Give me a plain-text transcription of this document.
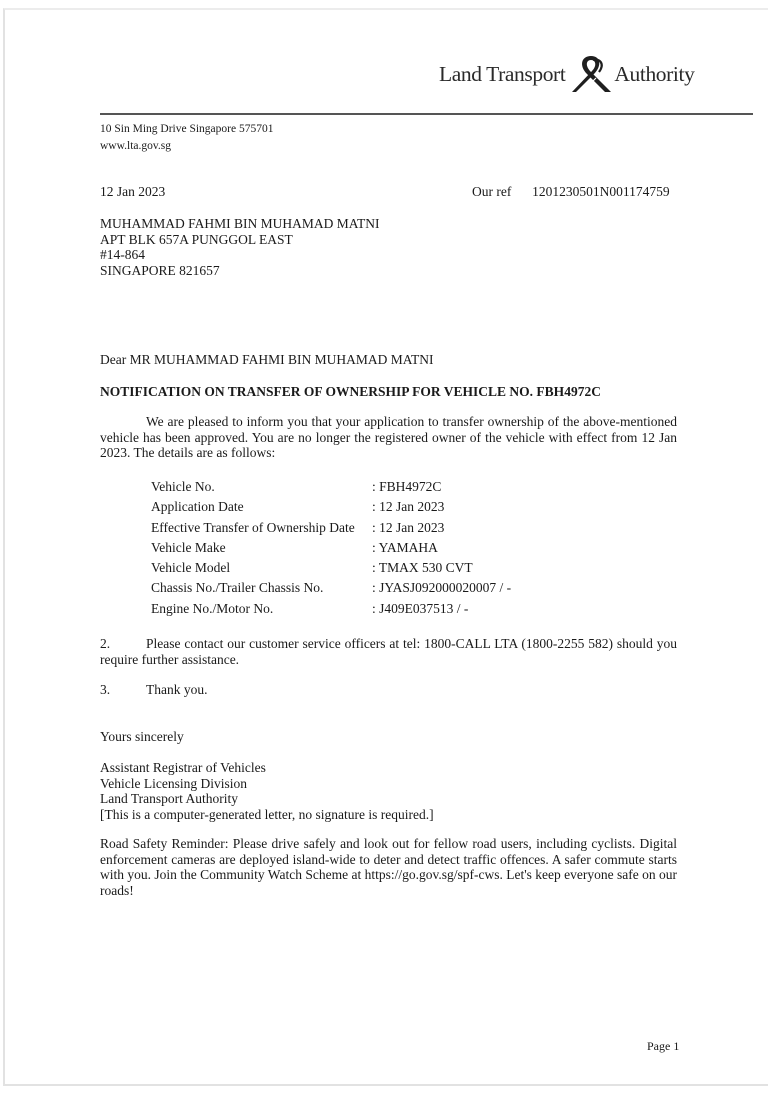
Land Transport Authority
10 Sin Ming Drive Singapore 575701
www.lta.gov.sg
12 Jan 2023	Our ref 1201230501N001174759
MUHAMMAD FAHMI BIN MUHAMAD MATNI
APT BLK 657A PUNGGOL EAST
#14-864
SINGAPORE 821657
Dear MR MUHAMMAD FAHMI BIN MUHAMAD MATNI
NOTIFICATION ON TRANSFER OF OWNERSHIP FOR VEHICLE NO. FBH4972C
We are pleased to inform you that your application to transfer ownership of the above-mentioned vehicle has been approved. You are no longer the registered owner of the vehicle with effect from 12 Jan 2023. The details are as follows:
Vehicle No.	: FBH4972C
Application Date	: 12 Jan 2023
Effective Transfer of Ownership Date	: 12 Jan 2023
Vehicle Make	: YAMAHA
Vehicle Model	: TMAX 530 CVT
Chassis No./Trailer Chassis No.	: JYASJ092000020007 / -
Engine No./Motor No.	: J409E037513 / -
2.	Please contact our customer service officers at tel: 1800-CALL LTA (1800-2255 582) should you require further assistance.
3.	Thank you.
Yours sincerely
Assistant Registrar of Vehicles
Vehicle Licensing Division
Land Transport Authority
[This is a computer-generated letter, no signature is required.]
Road Safety Reminder: Please drive safely and look out for fellow road users, including cyclists. Digital enforcement cameras are deployed island-wide to deter and detect traffic offences. A safer commute starts with you. Join the Community Watch Scheme at https://go.gov.sg/spf-cws. Let's keep everyone safe on our roads!
Page 1
